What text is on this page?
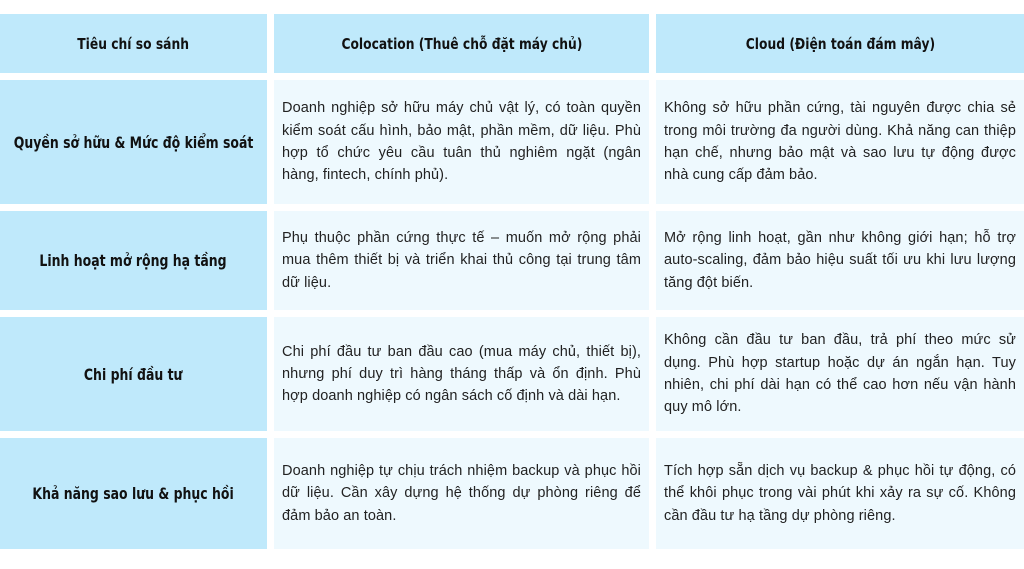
Tiêu chí so sánh	Colocation (Thuê chỗ đặt máy chủ)	Cloud (Điện toán đám mây)
Quyền sở hữu & Mức độ kiểm soát

Doanh nghiệp sở hữu máy chủ vật lý, có toàn quyền kiểm soát cấu hình, bảo mật, phần mềm, dữ liệu. Phù hợp tổ chức yêu cầu tuân thủ nghiêm ngặt (ngân hàng, fintech, chính phủ).

Không sở hữu phần cứng, tài nguyên được chia sẻ trong môi trường đa người dùng. Khả năng can thiệp hạn chế, nhưng bảo mật và sao lưu tự động được nhà cung cấp đảm bảo.

Linh hoạt mở rộng hạ tầng

Phụ thuộc phần cứng thực tế – muốn mở rộng phải mua thêm thiết bị và triển khai thủ công tại trung tâm dữ liệu.

Mở rộng linh hoạt, gần như không giới hạn; hỗ trợ auto-scaling, đảm bảo hiệu suất tối ưu khi lưu lượng tăng đột biến.

Chi phí đầu tư

Chi phí đầu tư ban đầu cao (mua máy chủ, thiết bị), nhưng phí duy trì hàng tháng thấp và ổn định. Phù hợp doanh nghiệp có ngân sách cố định và dài hạn.

Không cần đầu tư ban đầu, trả phí theo mức sử dụng. Phù hợp startup hoặc dự án ngắn hạn. Tuy nhiên, chi phí dài hạn có thể cao hơn nếu vận hành quy mô lớn.

Khả năng sao lưu & phục hồi

Doanh nghiệp tự chịu trách nhiệm backup và phục hồi dữ liệu. Cần xây dựng hệ thống dự phòng riêng để đảm bảo an toàn.

Tích hợp sẵn dịch vụ backup & phục hồi tự động, có thể khôi phục trong vài phút khi xảy ra sự cố. Không cần đầu tư hạ tầng dự phòng riêng.
